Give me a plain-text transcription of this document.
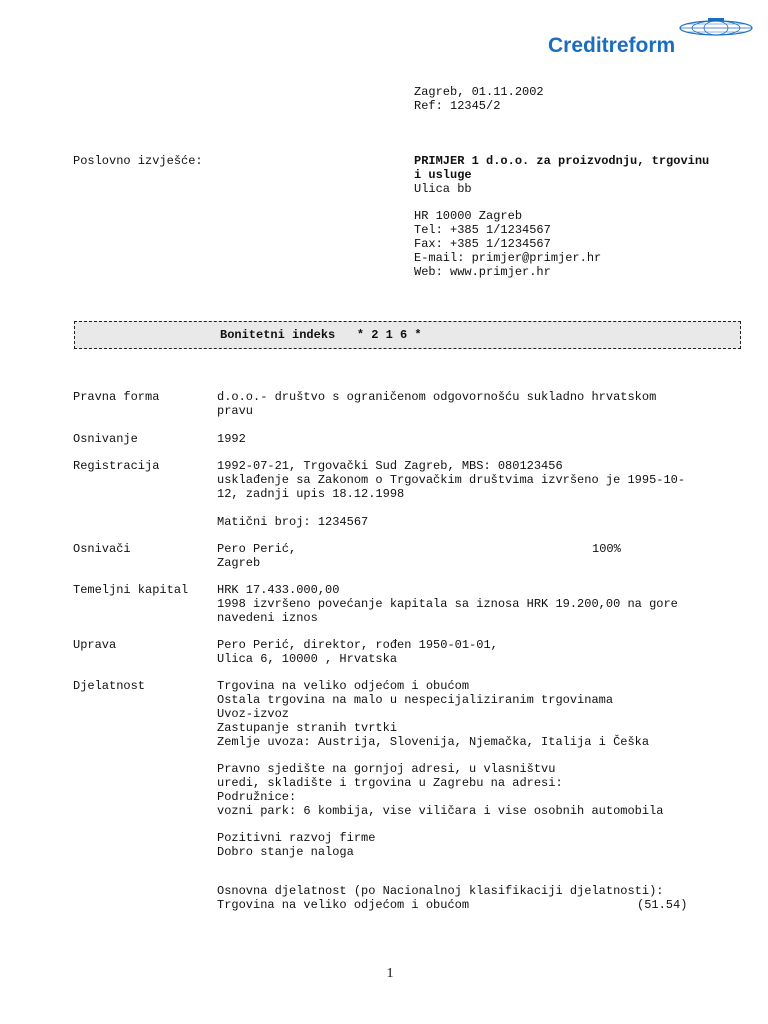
Creditreform
Zagreb, 01.11.2002
Ref: 12345/2
Poslovno izvješće:	PRIMJER 1 d.o.o. za proizvodnju, trgovinu
i usluge
Ulica bb
HR 10000 Zagreb
Tel: +385 1/1234567
Fax: +385 1/1234567
E-mail: primjer@primjer.hr
Web: www.primjer.hr
Bonitetni indeks   * 2 1 6 *
Pravna forma	d.o.o.- društvo s ograničenom odgovornošću sukladno hrvatskom
pravu
Osnivanje	1992
Registracija	1992-07-21, Trgovački Sud Zagreb, MBS: 080123456
usklađenje sa Zakonom o Trgovačkim društvima izvršeno je 1995-10-
12, zadnji upis 18.12.1998
Matični broj: 1234567
Osnivači	Pero Perić,	100%
Zagreb
Temeljni kapital HRK 17.433.000,00
1998 izvršeno povećanje kapitala sa iznosa HRK 19.200,00 na gore
navedeni iznos
Uprava	Pero Perić, direktor, rođen 1950-01-01,
Ulica 6, 10000 , Hrvatska
Djelatnost	Trgovina na veliko odjećom i obućom
Ostala trgovina na malo u nespecijaliziranim trgovinama
Uvoz-izvoz
Zastupanje stranih tvrtki
Zemlje uvoza: Austrija, Slovenija, Njemačka, Italija i Češka
Pravno sjedište na gornjoj adresi, u vlasništvu
uredi, skladište i trgovina u Zagrebu na adresi:
Podružnice:
vozni park: 6 kombija, vise viličara i vise osobnih automobila
Pozitivni razvoj firme
Dobro stanje naloga
Osnovna djelatnost (po Nacionalnoj klasifikaciji djelatnosti):
Trgovina na veliko odjećom i obućom	(51.54)
1
